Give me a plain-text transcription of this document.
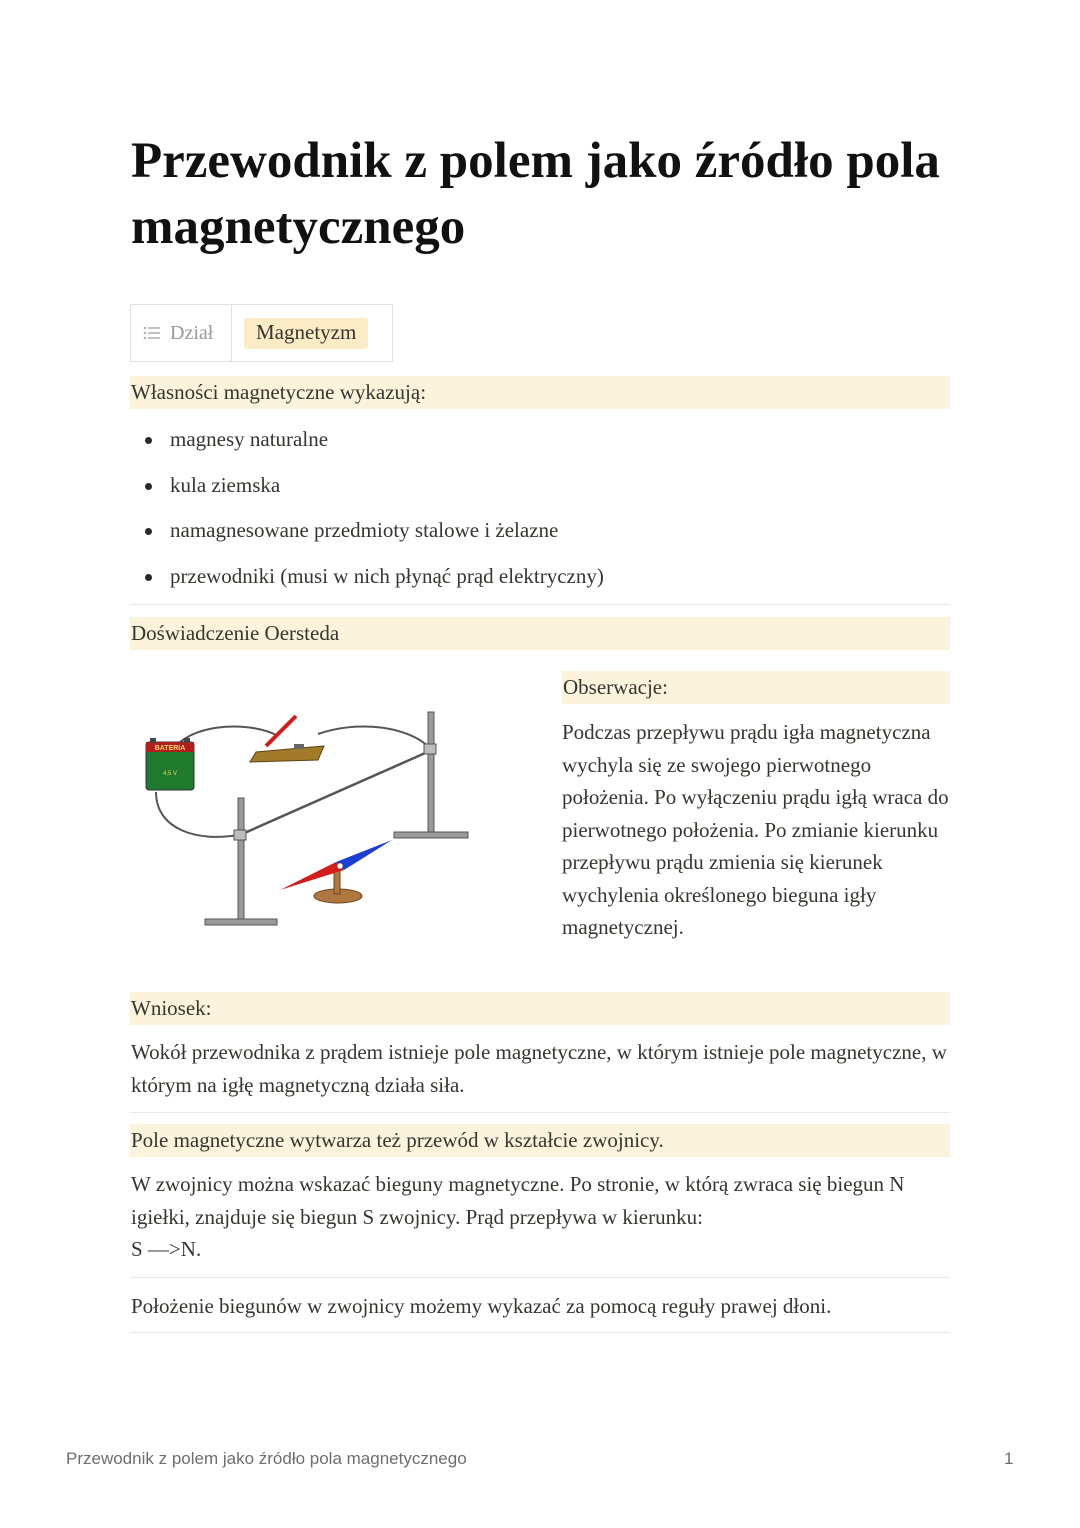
Przewodnik z polem jako źródło pola magnetycznego
Dział	Magnetyzm
Własności magnetyczne wykazują:
magnesy naturalne
kula ziemska
namagnesowane przedmioty stalowe i żelazne
przewodniki (musi w nich płynąć prąd elektryczny)
Doświadczenie Oersteda
BATERIA
4,5 V
Obserwacje:

Podczas przepływu prądu igła magnetyczna wychyla się ze swojego pierwotnego położenia. Po wyłączeniu prądu igłą wraca do pierwotnego położenia. Po zmianie kierunku przepływu prądu zmienia się kierunek wychylenia określonego bieguna igły magnetycznej.

Wniosek:

Wokół przewodnika z prądem istnieje pole magnetyczne, w którym istnieje pole magnetyczne, w którym na igłę magnetyczną działa siła.

Pole magnetyczne wytwarza też przewód w kształcie zwojnicy.

W zwojnicy można wskazać bieguny magnetyczne. Po stronie, w którą zwraca się biegun N igiełki, znajduje się biegun S zwojnicy. Prąd przepływa w kierunku:

S —>N.

Położenie biegunów w zwojnicy możemy wykazać za pomocą reguły prawej dłoni.

Przewodnik z polem jako źródło pola magnetycznego	1
